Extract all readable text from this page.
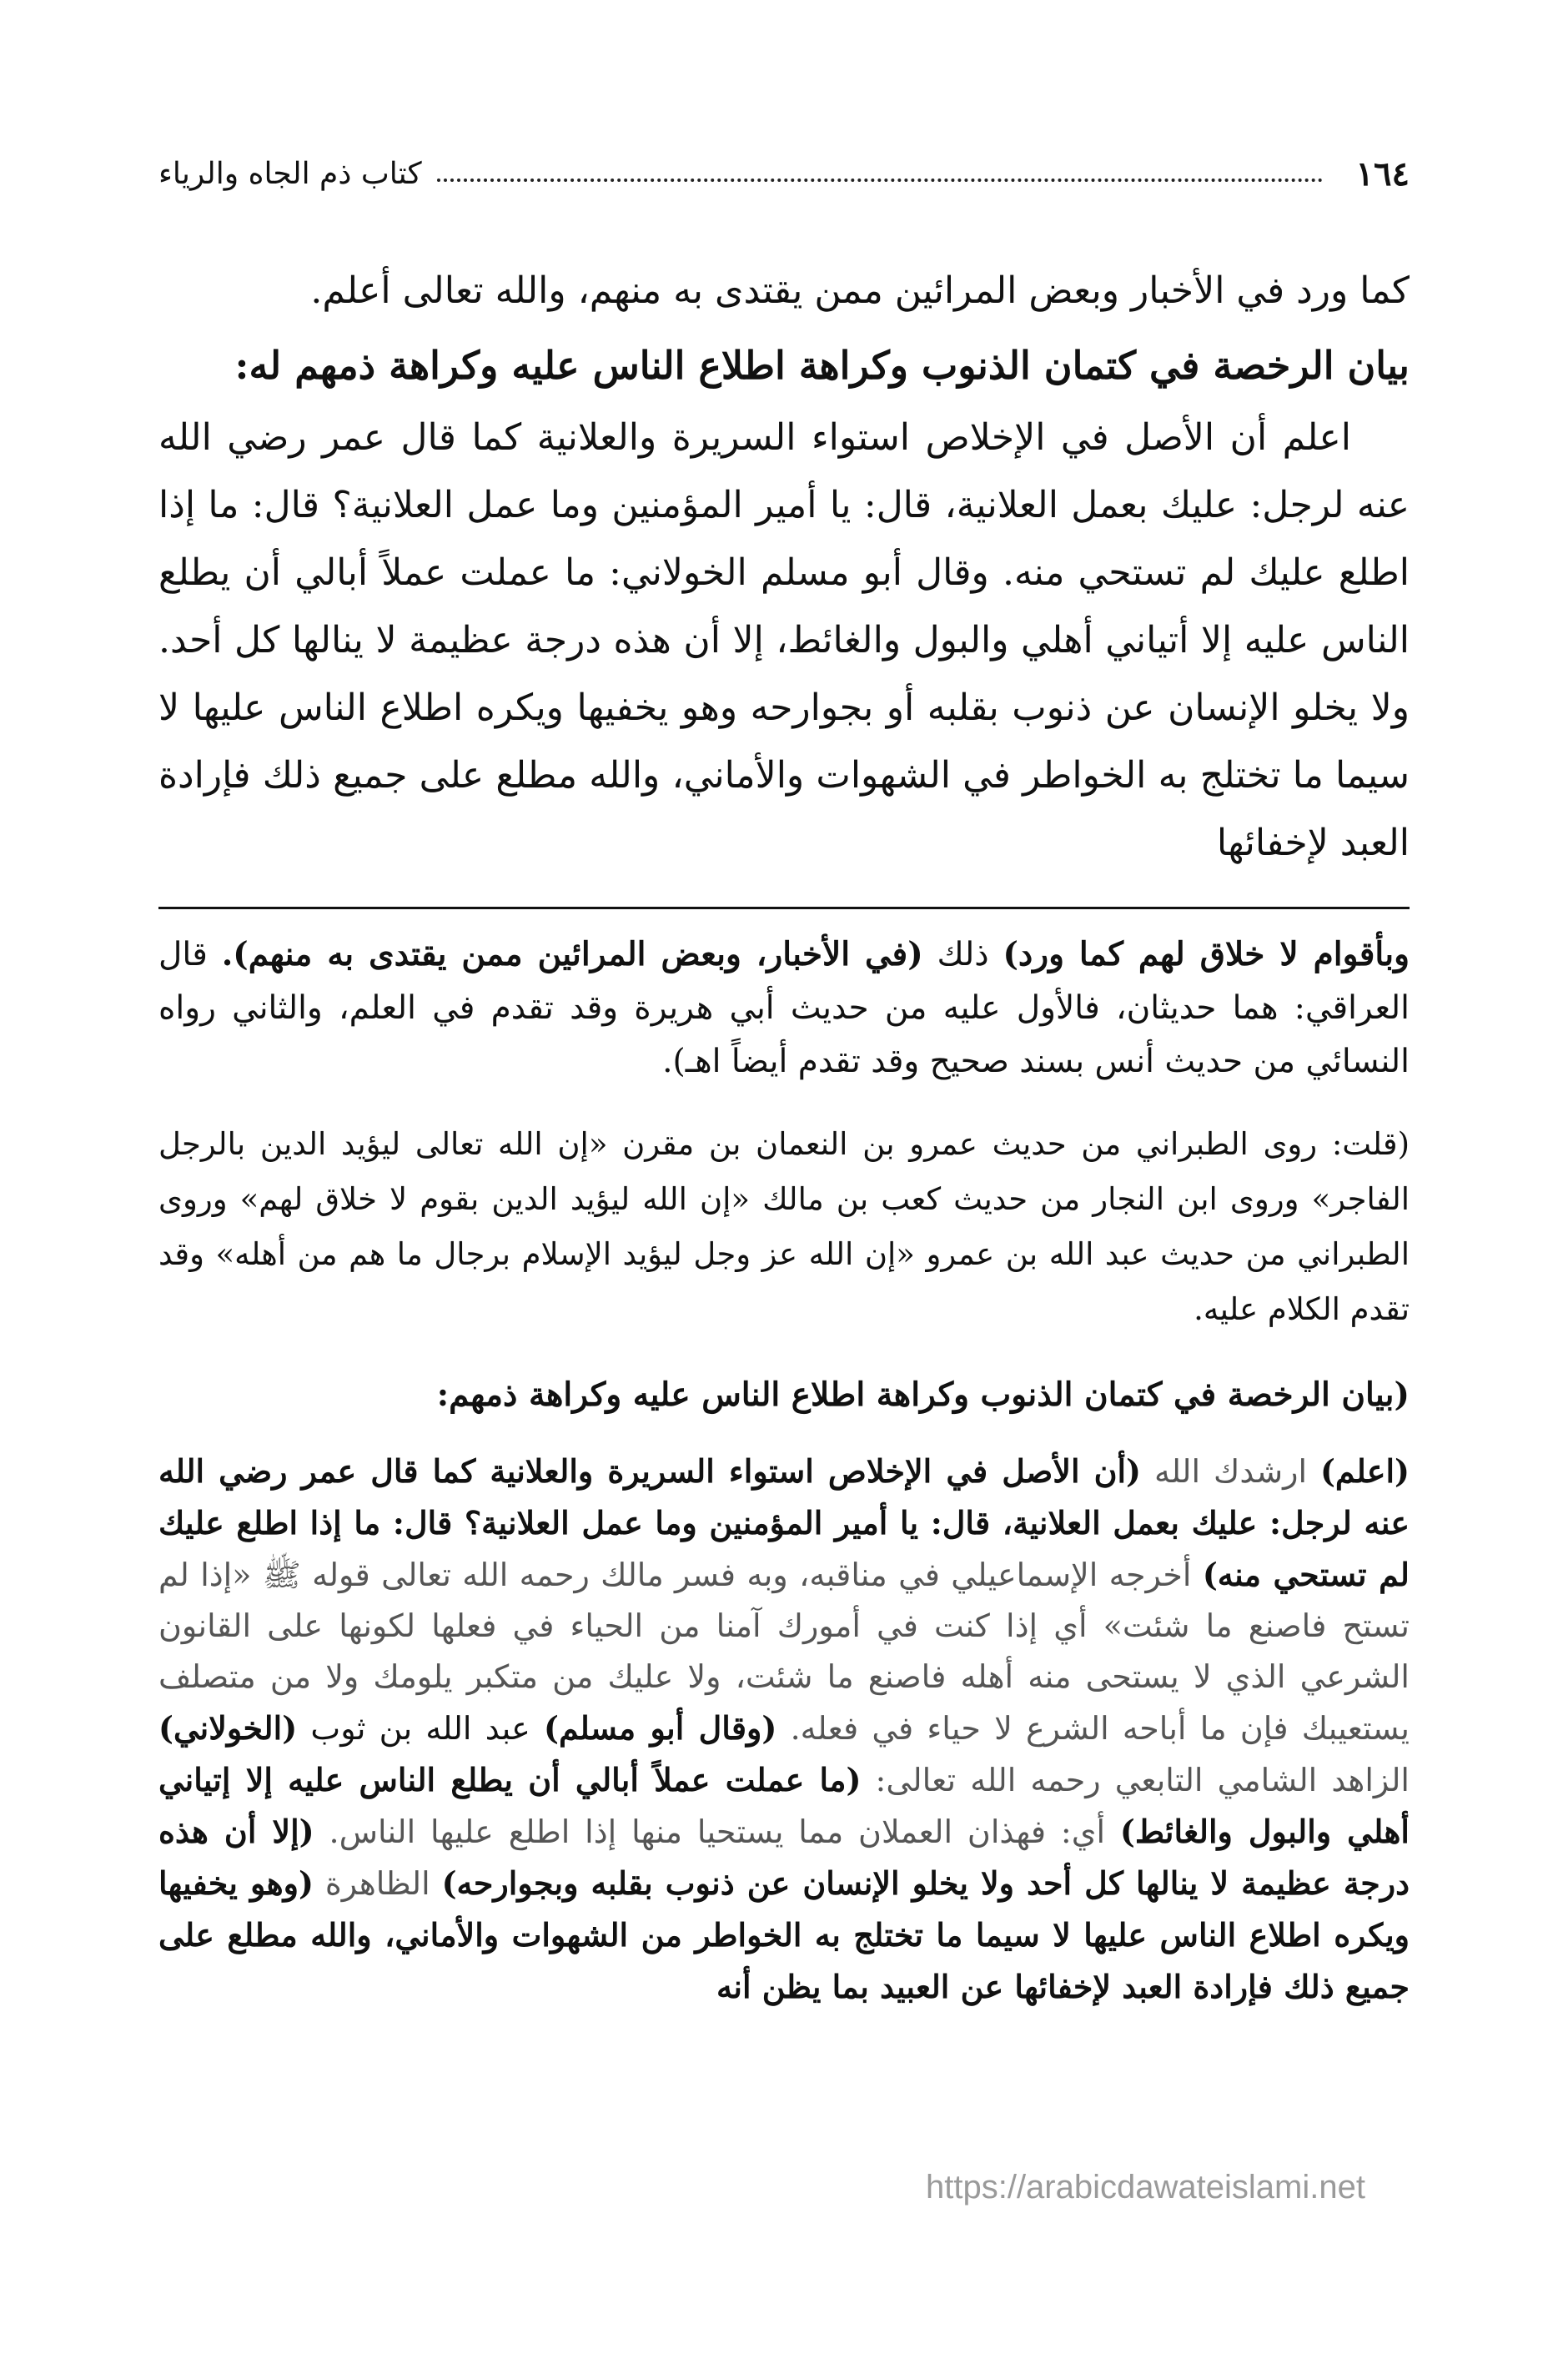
١٦٤
كتاب ذم الجاه والرياء
كما ورد في الأخبار وبعض المرائين ممن يقتدى به منهم، والله تعالى أعلم.
بيان الرخصة في كتمان الذنوب وكراهة اطلاع الناس عليه وكراهة ذمهم له:
اعلم أن الأصل في الإخلاص استواء السريرة والعلانية كما قال عمر رضي الله عنه لرجل: عليك بعمل العلانية، قال: يا أمير المؤمنين وما عمل العلانية؟ قال: ما إذا اطلع عليك لم تستحي منه. وقال أبو مسلم الخولاني: ما عملت عملاً أبالي أن يطلع الناس عليه إلا أتياني أهلي والبول والغائط، إلا أن هذه درجة عظيمة لا ينالها كل أحد. ولا يخلو الإنسان عن ذنوب بقلبه أو بجوارحه وهو يخفيها ويكره اطلاع الناس عليها لا سيما ما تختلج به الخواطر في الشهوات والأماني، والله مطلع على جميع ذلك فإرادة العبد لإخفائها

وبأقوام لا خلاق لهم كما ورد) ذلك (في الأخبار، وبعض المرائين ممن يقتدى به منهم). قال العراقي: هما حديثان، فالأول عليه من حديث أبي هريرة وقد تقدم في العلم، والثاني رواه النسائي من حديث أنس بسند صحيح وقد تقدم أيضاً اهـ).

(قلت: روى الطبراني من حديث عمرو بن النعمان بن مقرن «إن الله تعالى ليؤيد الدين بالرجل الفاجر» وروى ابن النجار من حديث كعب بن مالك «إن الله ليؤيد الدين بقوم لا خلاق لهم» وروى الطبراني من حديث عبد الله بن عمرو «إن الله عز وجل ليؤيد الإسلام برجال ما هم من أهله» وقد تقدم الكلام عليه.

(بيان الرخصة في كتمان الذنوب وكراهة اطلاع الناس عليه وكراهة ذمهم:

(اعلم) ارشدك الله (أن الأصل في الإخلاص استواء السريرة والعلانية كما قال عمر رضي الله عنه لرجل: عليك بعمل العلانية، قال: يا أمير المؤمنين وما عمل العلانية؟ قال: ما إذا اطلع عليك لم تستحي منه) أخرجه الإسماعيلي في مناقبه، وبه فسر مالك رحمه الله تعالى قوله ﷺ «إذا لم تستح فاصنع ما شئت» أي إذا كنت في أمورك آمنا من الحياء في فعلها لكونها على القانون الشرعي الذي لا يستحى منه أهله فاصنع ما شئت، ولا عليك من متكبر يلومك ولا من متصلف يستعيبك فإن ما أباحه الشرع لا حياء في فعله. (وقال أبو مسلم) عبد الله بن ثوب (الخولاني) الزاهد الشامي التابعي رحمه الله تعالى: (ما عملت عملاً أبالي أن يطلع الناس عليه إلا إتياني أهلي والبول والغائط) أي: فهذان العملان مما يستحيا منها إذا اطلع عليها الناس. (إلا أن هذه درجة عظيمة لا ينالها كل أحد ولا يخلو الإنسان عن ذنوب بقلبه وبجوارحه) الظاهرة (وهو يخفيها ويكره اطلاع الناس عليها لا سيما ما تختلج به الخواطر من الشهوات والأماني، والله مطلع على جميع ذلك فإرادة العبد لإخفائها عن العبيد بما يظن أنه

https://arabicdawateislami.net
